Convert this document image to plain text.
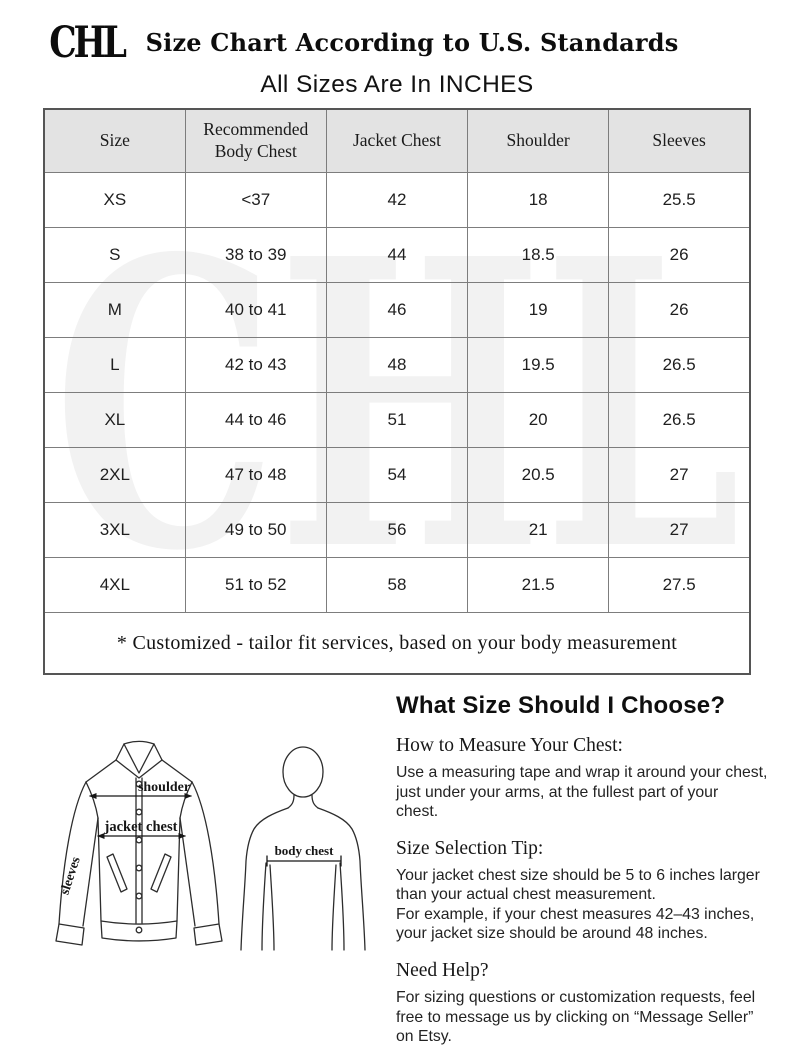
CHL Size Chart According to U.S. Standards
All Sizes Are In INCHES
CHL
Size	Recommended Body Chest	Jacket Chest	Shoulder	Sleeves
XS	<37	42	18	25.5
S	38 to 39	44	18.5	26
M	40 to 41	46	19	26
L	42 to 43	48	19.5	26.5
XL	44 to 46	51	20	26.5
2XL	47 to 48	54	20.5	27
3XL	49 to 50	56	21	27
4XL	51 to 52	58	21.5	27.5
* Customized - tailor fit services, based on your body measurement				
shoulder
jacket chest
sleeves
body chest
What Size Should I Choose?
How to Measure Your Chest:

Use a measuring tape and wrap it around your chest,
just under your arms, at the fullest part of your
chest.

Size Selection Tip:

Your jacket chest size should be 5 to 6 inches larger
than your actual chest measurement.
For example, if your chest measures 42–43 inches,
your jacket size should be around 48 inches.

Need Help?

For sizing questions or customization requests, feel
free to message us by clicking on “Message Seller”
on Etsy.
